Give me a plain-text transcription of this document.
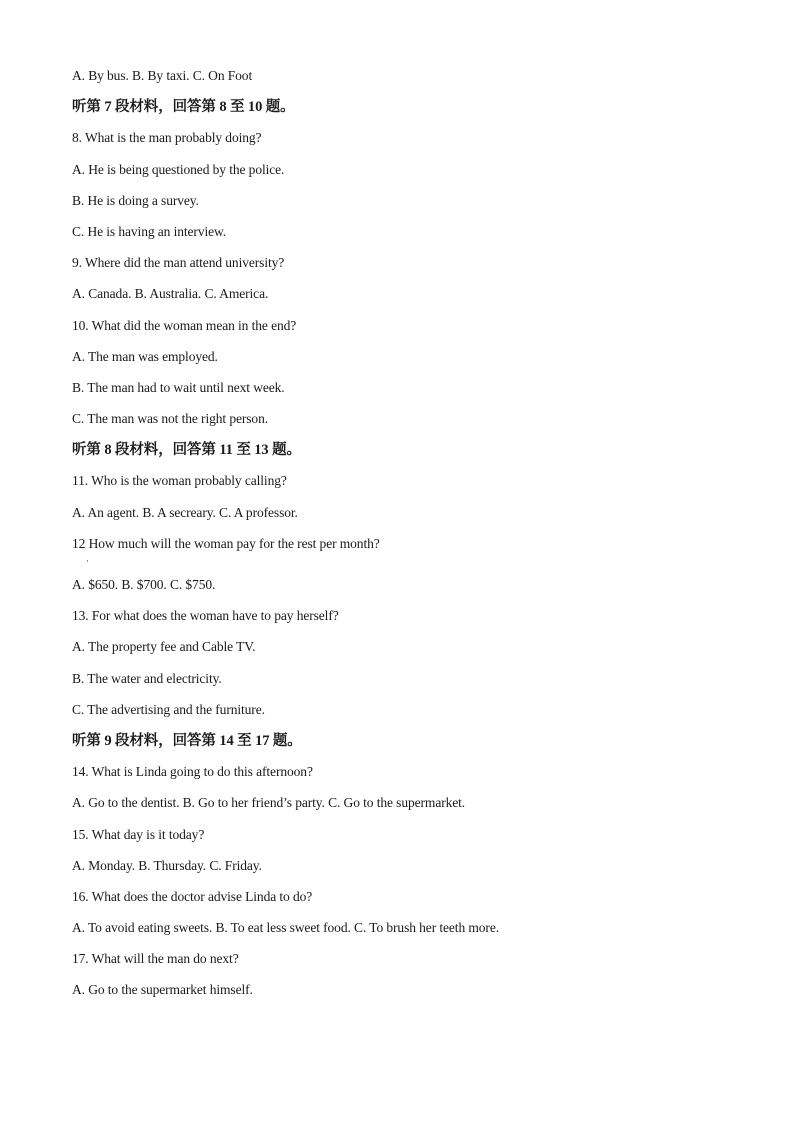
A. By bus. B. By taxi. C. On Foot
听第 7 段材料，回答第 8 至 10 题。
8. What is the man probably doing?
A. He is being questioned by the police.
B. He is doing a survey.
C. He is having an interview.
9. Where did the man attend university?
A. Canada. B. Australia. C. America.
10. What did the woman mean in the end?
A. The man was employed.
B. The man had to wait until next week.
C. The man was not the right person.
听第 8 段材料，回答第 11 至 13 题。
11. Who is the woman probably calling?
A. An agent. B. A secreary. C. A professor.
12 How much will the woman pay for the rest per month?
·
A. $650. B. $700. C. $750.
13. For what does the woman have to pay herself?
A. The property fee and Cable TV.
B. The water and electricity.
C. The advertising and the furniture.
听第 9 段材料，回答第 14 至 17 题。
14. What is Linda going to do this afternoon?
A. Go to the dentist. B. Go to her friend’s party. C. Go to the supermarket.
15. What day is it today?
A. Monday. B. Thursday. C. Friday.
16. What does the doctor advise Linda to do?
A. To avoid eating sweets. B. To eat less sweet food. C. To brush her teeth more.
17. What will the man do next?
A. Go to the supermarket himself.
